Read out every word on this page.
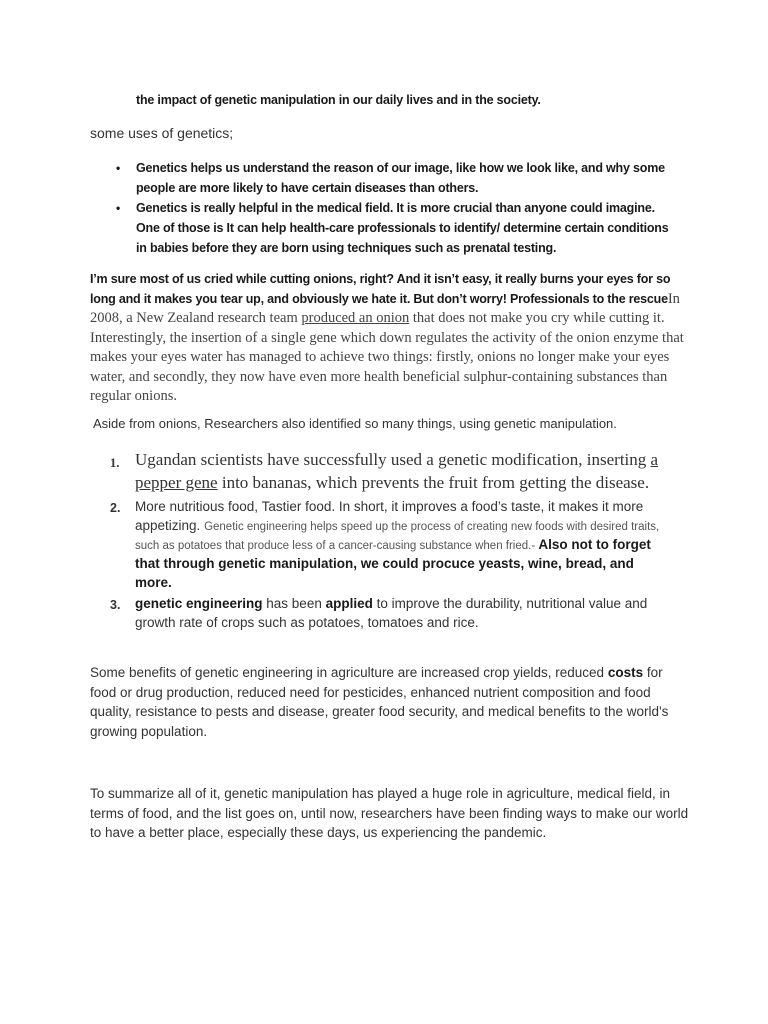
the impact of genetic manipulation in our daily lives and in the society.
some uses of genetics;
• Genetics helps us understand the reason of our image, like how we look like, and why some people are more likely to have certain diseases than others.
• Genetics is really helpful in the medical field. It is more crucial than anyone could imagine. One of those is It can help health-care professionals to identify/ determine certain conditions in babies before they are born using techniques such as prenatal testing.
I’m sure most of us cried while cutting onions, right? And it isn’t easy, it really burns your eyes for so long and it makes you tear up, and obviously we hate it. But don’t worry! Professionals to the rescueIn 2008, a New Zealand research team produced an onion that does not make you cry while cutting it. Interestingly, the insertion of a single gene which down regulates the activity of the onion enzyme that makes your eyes water has managed to achieve two things: firstly, onions no longer make your eyes water, and secondly, they now have even more health beneficial sulphur-containing substances than regular onions.
Aside from onions, Researchers also identified so many things, using genetic manipulation.
1. Ugandan scientists have successfully used a genetic modification, inserting a pepper gene into bananas, which prevents the fruit from getting the disease.
2. More nutritious food, Tastier food. In short, it improves a food’s taste, it makes it more appetizing. Genetic engineering helps speed up the process of creating new foods with desired traits, such as potatoes that produce less of a cancer-causing substance when fried.- Also not to forget that through genetic manipulation, we could procuce yeasts, wine, bread, and more.
3. genetic engineering has been applied to improve the durability, nutritional value and growth rate of crops such as potatoes, tomatoes and rice.
Some benefits of genetic engineering in agriculture are increased crop yields, reduced costs for food or drug production, reduced need for pesticides, enhanced nutrient composition and food quality, resistance to pests and disease, greater food security, and medical benefits to the world's growing population.
To summarize all of it, genetic manipulation has played a huge role in agriculture, medical field, in terms of food, and the list goes on, until now, researchers have been finding ways to make our world to have a better place, especially these days, us experiencing the pandemic.
